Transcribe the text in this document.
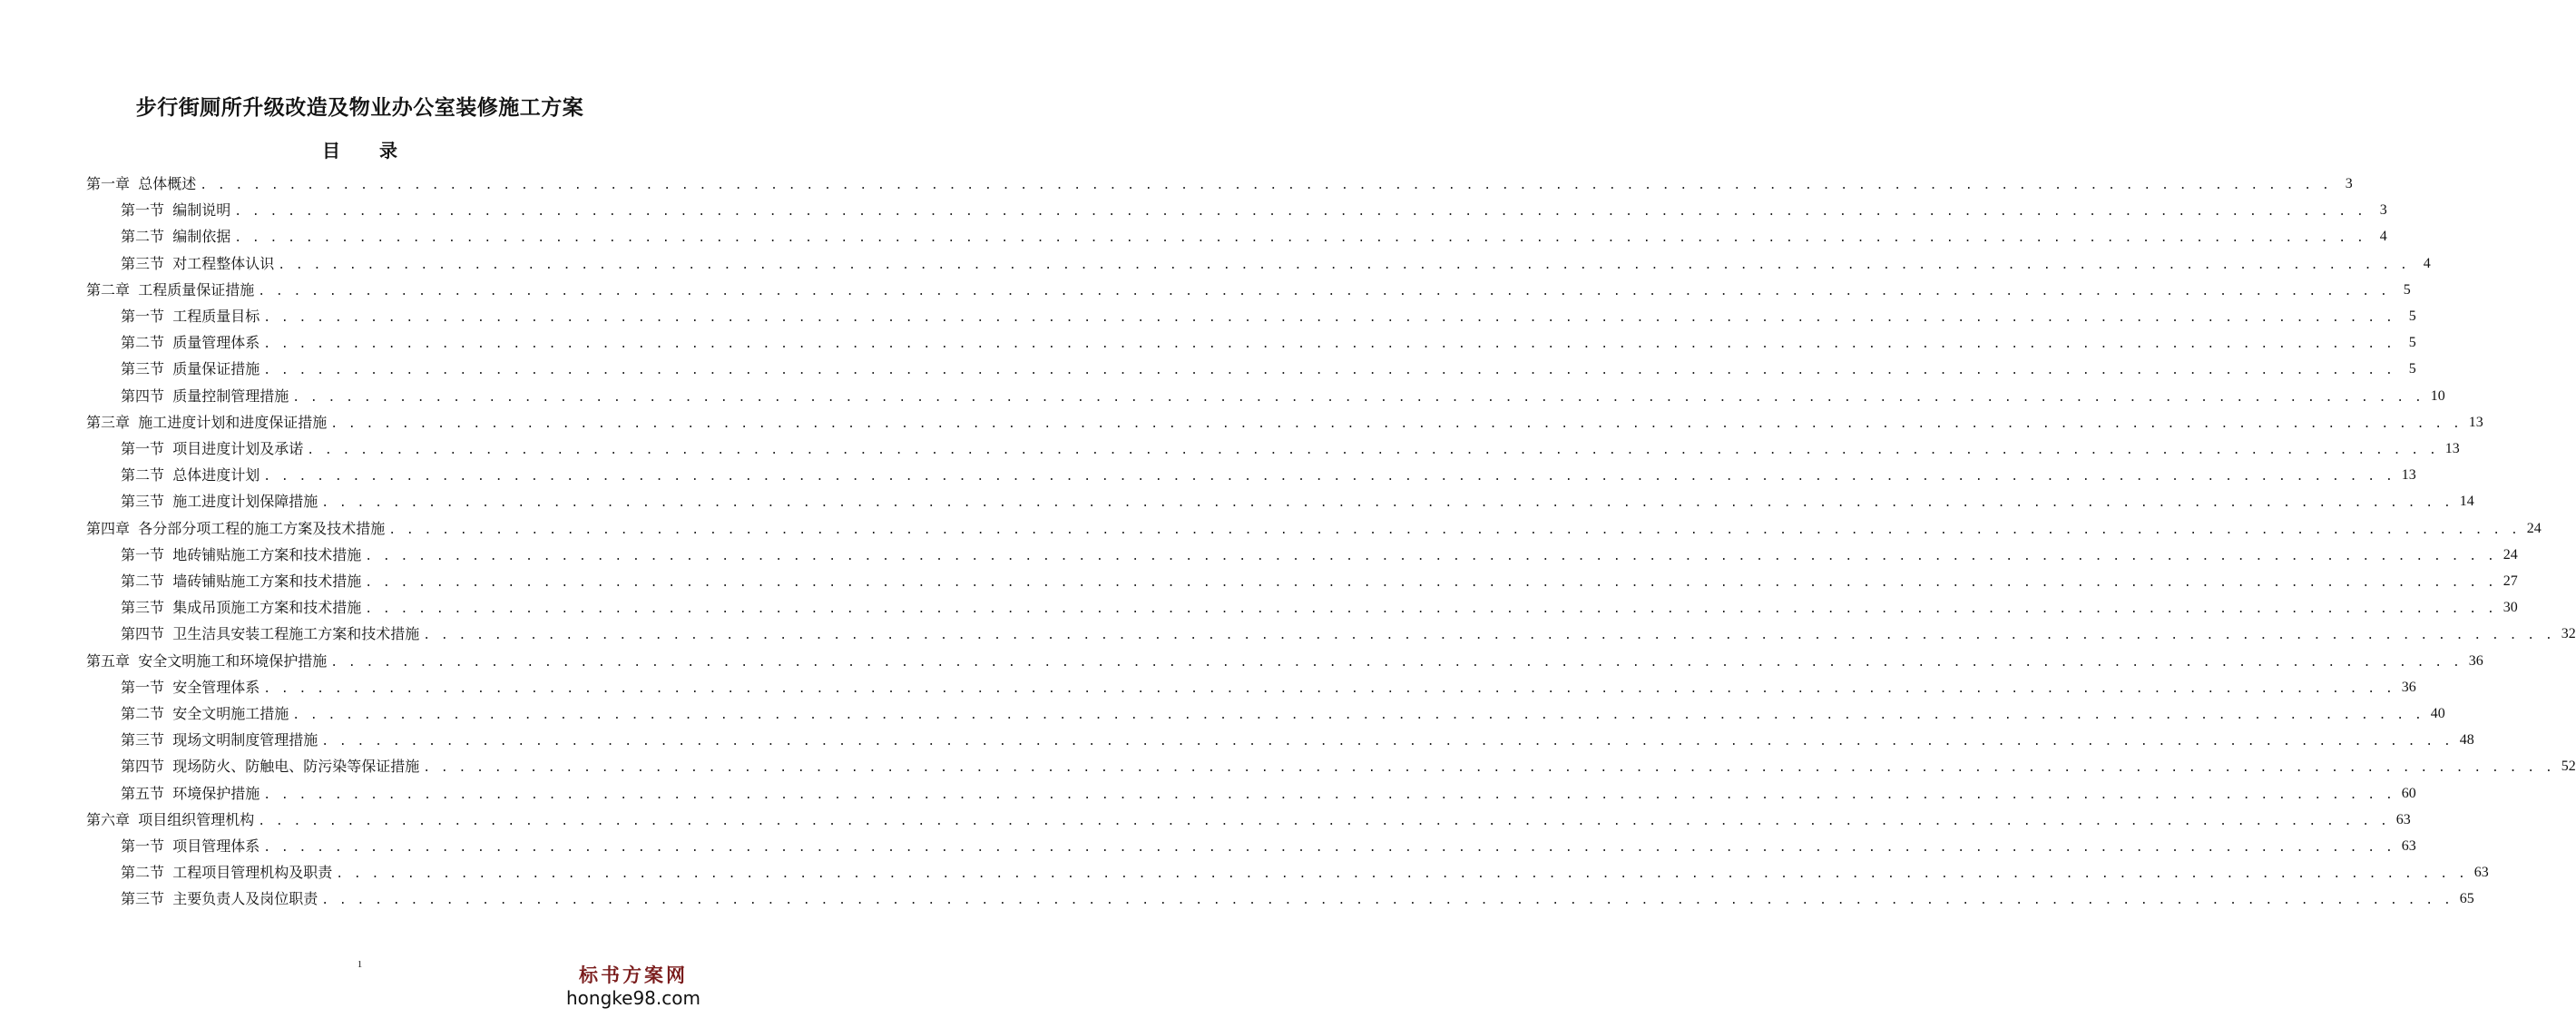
步行街厕所升级改造及物业办公室装修施工方案
目 录
第一章 总体概述 . . . . . . . . . . . . . . . . . . . . . . . . . . . . . . . . . . . . . . . . . . . . . . . . . . . . . . . . . . . . . . . . . . . . . . . . . . . . . . . . . . . . . . . . . . . . . . . . . . . . . . . . . . . . . . . . . . . . . . . .	3
第一节 编制说明 . . . . . . . . . . . . . . . . . . . . . . . . . . . . . . . . . . . . . . . . . . . . . . . . . . . . . . . . . . . . . . . . . . . . . . . . . . . . . . . . . . . . . . . . . . . . . . . . . . . . . . . . . . . . . . . . . . . . . . . .	3
第二节 编制依据 . . . . . . . . . . . . . . . . . . . . . . . . . . . . . . . . . . . . . . . . . . . . . . . . . . . . . . . . . . . . . . . . . . . . . . . . . . . . . . . . . . . . . . . . . . . . . . . . . . . . . . . . . . . . . . . . . . . . . . . .	4
第三节 对工程整体认识 . . . . . . . . . . . . . . . . . . . . . . . . . . . . . . . . . . . . . . . . . . . . . . . . . . . . . . . . . . . . . . . . . . . . . . . . . . . . . . . . . . . . . . . . . . . . . . . . . . . . . . . . . . . . . . . . . . . . . . . .	4
第二章 工程质量保证措施 . . . . . . . . . . . . . . . . . . . . . . . . . . . . . . . . . . . . . . . . . . . . . . . . . . . . . . . . . . . . . . . . . . . . . . . . . . . . . . . . . . . . . . . . . . . . . . . . . . . . . . . . . . . . . . . . . . . . . . . .	5
第一节 工程质量目标 . . . . . . . . . . . . . . . . . . . . . . . . . . . . . . . . . . . . . . . . . . . . . . . . . . . . . . . . . . . . . . . . . . . . . . . . . . . . . . . . . . . . . . . . . . . . . . . . . . . . . . . . . . . . . . . . . . . . . . . .	5
第二节 质量管理体系 . . . . . . . . . . . . . . . . . . . . . . . . . . . . . . . . . . . . . . . . . . . . . . . . . . . . . . . . . . . . . . . . . . . . . . . . . . . . . . . . . . . . . . . . . . . . . . . . . . . . . . . . . . . . . . . . . . . . . . . .	5
第三节 质量保证措施 . . . . . . . . . . . . . . . . . . . . . . . . . . . . . . . . . . . . . . . . . . . . . . . . . . . . . . . . . . . . . . . . . . . . . . . . . . . . . . . . . . . . . . . . . . . . . . . . . . . . . . . . . . . . . . . . . . . . . . . .	5
第四节 质量控制管理措施 . . . . . . . . . . . . . . . . . . . . . . . . . . . . . . . . . . . . . . . . . . . . . . . . . . . . . . . . . . . . . . . . . . . . . . . . . . . . . . . . . . . . . . . . . . . . . . . . . . . . . . . . . . . . . . . . . . . . . . . . 10
第三章 施工进度计划和进度保证措施 . . . . . . . . . . . . . . . . . . . . . . . . . . . . . . . . . . . . . . . . . . . . . . . . . . . . . . . . . . . . . . . . . . . . . . . . . . . . . . . . . . . . . . . . . . . . . . . . . . . . . . . . . . . . . . . . . . . . . . . . 13
第一节 项目进度计划及承诺 . . . . . . . . . . . . . . . . . . . . . . . . . . . . . . . . . . . . . . . . . . . . . . . . . . . . . . . . . . . . . . . . . . . . . . . . . . . . . . . . . . . . . . . . . . . . . . . . . . . . . . . . . . . . . . . . . . . . . . . . 13
第二节 总体进度计划 . . . . . . . . . . . . . . . . . . . . . . . . . . . . . . . . . . . . . . . . . . . . . . . . . . . . . . . . . . . . . . . . . . . . . . . . . . . . . . . . . . . . . . . . . . . . . . . . . . . . . . . . . . . . . . . . . . . . . . . . 13
第三节 施工进度计划保障措施 . . . . . . . . . . . . . . . . . . . . . . . . . . . . . . . . . . . . . . . . . . . . . . . . . . . . . . . . . . . . . . . . . . . . . . . . . . . . . . . . . . . . . . . . . . . . . . . . . . . . . . . . . . . . . . . . . . . . . . . . 14
第四章 各分部分项工程的施工方案及技术措施 . . . . . . . . . . . . . . . . . . . . . . . . . . . . . . . . . . . . . . . . . . . . . . . . . . . . . . . . . . . . . . . . . . . . . . . . . . . . . . . . . . . . . . . . . . . . . . . . . . . . . . . . . . . . . . . . . . . . . . . . 24
第一节 地砖铺贴施工方案和技术措施 . . . . . . . . . . . . . . . . . . . . . . . . . . . . . . . . . . . . . . . . . . . . . . . . . . . . . . . . . . . . . . . . . . . . . . . . . . . . . . . . . . . . . . . . . . . . . . . . . . . . . . . . . . . . . . . . . . . . . . . . 24
第二节 墙砖铺贴施工方案和技术措施 . . . . . . . . . . . . . . . . . . . . . . . . . . . . . . . . . . . . . . . . . . . . . . . . . . . . . . . . . . . . . . . . . . . . . . . . . . . . . . . . . . . . . . . . . . . . . . . . . . . . . . . . . . . . . . . . . . . . . . . . 27
第三节 集成吊顶施工方案和技术措施 . . . . . . . . . . . . . . . . . . . . . . . . . . . . . . . . . . . . . . . . . . . . . . . . . . . . . . . . . . . . . . . . . . . . . . . . . . . . . . . . . . . . . . . . . . . . . . . . . . . . . . . . . . . . . . . . . . . . . . . . 30
第四节 卫生洁具安装工程施工方案和技术措施 . . . . . . . . . . . . . . . . . . . . . . . . . . . . . . . . . . . . . . . . . . . . . . . . . . . . . . . . . . . . . . . . . . . . . . . . . . . . . . . . . . . . . . . . . . . . . . . . . . . . . . . . . . . . . . . . . . . . . . . . 32
第五章 安全文明施工和环境保护措施 . . . . . . . . . . . . . . . . . . . . . . . . . . . . . . . . . . . . . . . . . . . . . . . . . . . . . . . . . . . . . . . . . . . . . . . . . . . . . . . . . . . . . . . . . . . . . . . . . . . . . . . . . . . . . . . . . . . . . . . . 36
第一节 安全管理体系 . . . . . . . . . . . . . . . . . . . . . . . . . . . . . . . . . . . . . . . . . . . . . . . . . . . . . . . . . . . . . . . . . . . . . . . . . . . . . . . . . . . . . . . . . . . . . . . . . . . . . . . . . . . . . . . . . . . . . . . . 36
第二节 安全文明施工措施 . . . . . . . . . . . . . . . . . . . . . . . . . . . . . . . . . . . . . . . . . . . . . . . . . . . . . . . . . . . . . . . . . . . . . . . . . . . . . . . . . . . . . . . . . . . . . . . . . . . . . . . . . . . . . . . . . . . . . . . . 40
第三节 现场文明制度管理措施 . . . . . . . . . . . . . . . . . . . . . . . . . . . . . . . . . . . . . . . . . . . . . . . . . . . . . . . . . . . . . . . . . . . . . . . . . . . . . . . . . . . . . . . . . . . . . . . . . . . . . . . . . . . . . . . . . . . . . . . . 48
第四节 现场防火、防触电、防污染等保证措施 . . . . . . . . . . . . . . . . . . . . . . . . . . . . . . . . . . . . . . . . . . . . . . . . . . . . . . . . . . . . . . . . . . . . . . . . . . . . . . . . . . . . . . . . . . . . . . . . . . . . . . . . . . . . . . . . . . . . . . . . 52
第五节 环境保护措施 . . . . . . . . . . . . . . . . . . . . . . . . . . . . . . . . . . . . . . . . . . . . . . . . . . . . . . . . . . . . . . . . . . . . . . . . . . . . . . . . . . . . . . . . . . . . . . . . . . . . . . . . . . . . . . . . . . . . . . . . 60
第六章 项目组织管理机构 . . . . . . . . . . . . . . . . . . . . . . . . . . . . . . . . . . . . . . . . . . . . . . . . . . . . . . . . . . . . . . . . . . . . . . . . . . . . . . . . . . . . . . . . . . . . . . . . . . . . . . . . . . . . . . . . . . . . . . . . 63
第一节 项目管理体系 . . . . . . . . . . . . . . . . . . . . . . . . . . . . . . . . . . . . . . . . . . . . . . . . . . . . . . . . . . . . . . . . . . . . . . . . . . . . . . . . . . . . . . . . . . . . . . . . . . . . . . . . . . . . . . . . . . . . . . . . 63
第二节 工程项目管理机构及职责 . . . . . . . . . . . . . . . . . . . . . . . . . . . . . . . . . . . . . . . . . . . . . . . . . . . . . . . . . . . . . . . . . . . . . . . . . . . . . . . . . . . . . . . . . . . . . . . . . . . . . . . . . . . . . . . . . . . . . . . . 63
第三节 主要负责人及岗位职责 . . . . . . . . . . . . . . . . . . . . . . . . . . . . . . . . . . . . . . . . . . . . . . . . . . . . . . . . . . . . . . . . . . . . . . . . . . . . . . . . . . . . . . . . . . . . . . . . . . . . . . . . . . . . . . . . . . . . . . . . 65
1	标书方案网
hongke98.com
